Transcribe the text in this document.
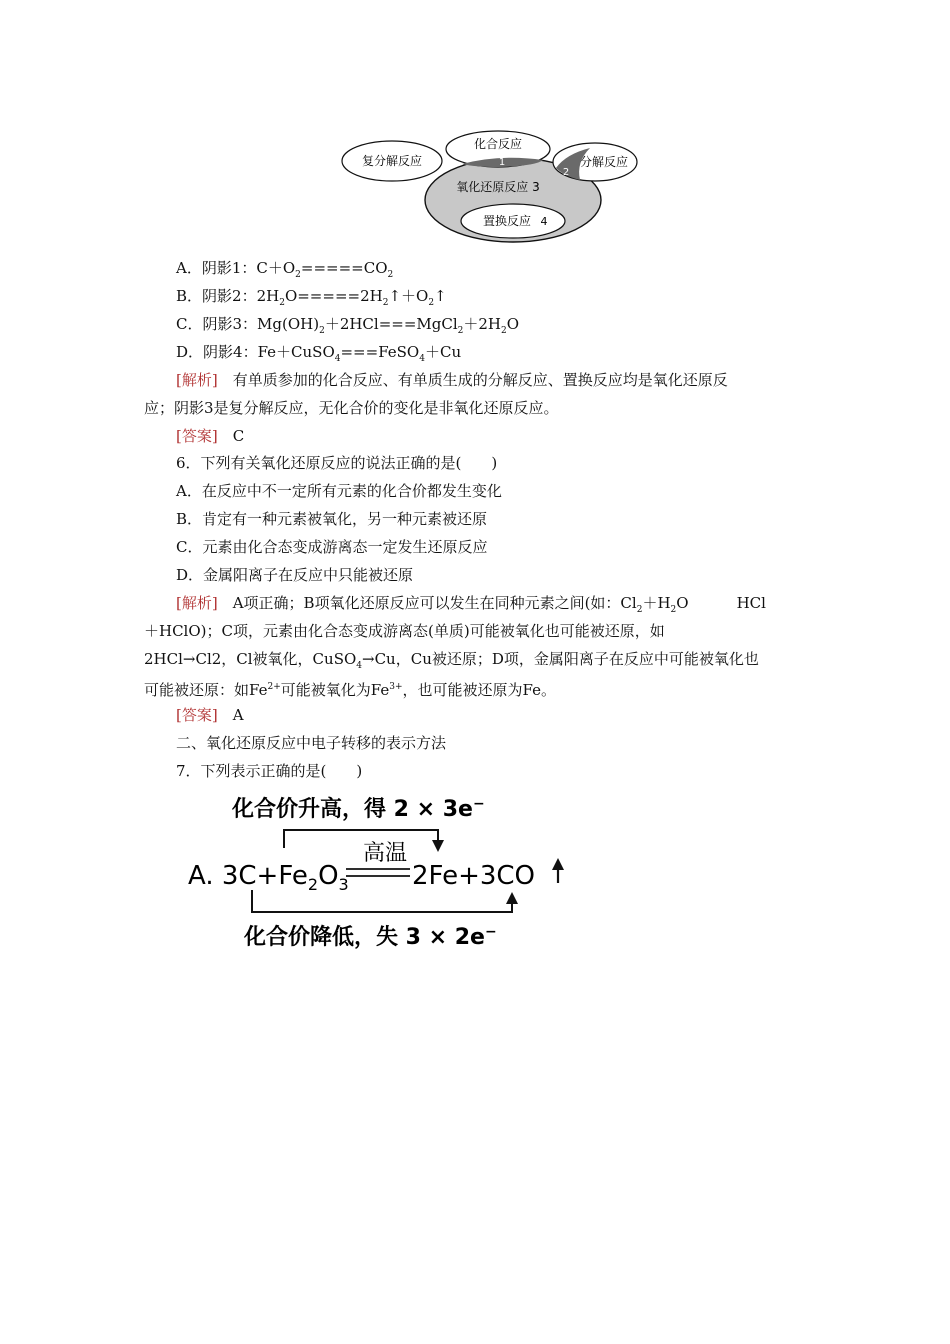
复分解反应
化合反应
1	分解反应
2
氧化还原反应 3
置换反应 4
A．阴影1：$C+O_2=====CO_2$
B．阴影2：$2H_2O=====2H_2↑+O_2↑$
C．阴影3：$Mg(OH)_2+2HCl===MgCl_2+2H_2O$
D．阴影4：Fe＋CuSO$_4$===FeSO$_4$＋Cu
[解析]　有单质参加的化合反应、有单质生成的分解反应、置换反应均是氧化还原反
应；阴影3是复分解反应，无化合价的变化是非氧化还原反应。
[答案]　C
6．下列有关氧化还原反应的说法正确的是(　　)
A．在反应中不一定所有元素的化合价都发生变化
B．肯定有一种元素被氧化，另一种元素被还原
C．元素由化合态变成游离态一定发生还原反应
D．金属阳离子在反应中只能被还原
[解析]　A项正确；B项氧化还原反应可以发生在同种元素之间(如：$Cl_2+H_2O$	HCl
＋HClO)；C项，元素由化合态变成游离态(单质)可能被氧化也可能被还原，如
2HCl→Cl2，Cl被氧化，CuSO$_4$→Cu，Cu被还原；D项，金属阳离子在反应中可能被氧化也
可能被还原：如$Fe^{2+}$可能被氧化为$Fe^{3+}$，也可能被还原为Fe。
[答案]　A
二、氧化还原反应中电子转移的表示方法
7．下列表示正确的是(　　)
化合价升高，得 2 × 3e−
高温
A. $3C+Fe_2O_3$ 2Fe+3CO
化合价降低，失 3 × 2e−
